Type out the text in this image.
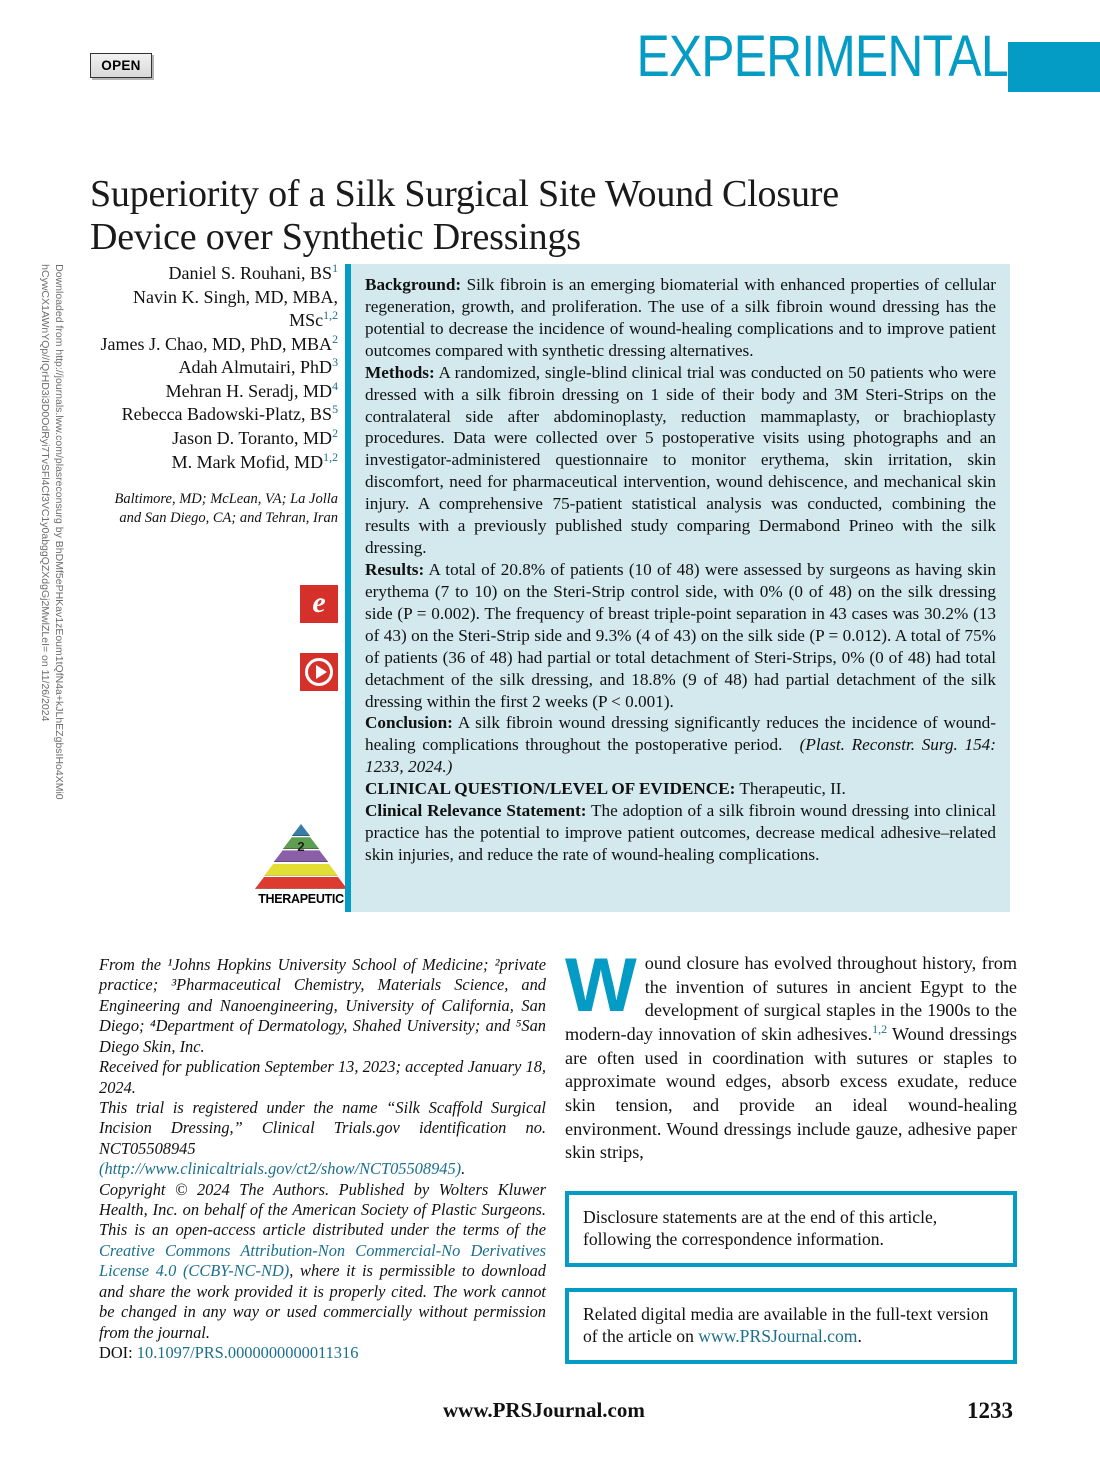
OPEN	EXPERIMENTAL
Downloaded from http://journals.lww.com/plasreconsurg by BhDMf5ePHKav1zEoum1tQfN4a+kJLhEZgbsIHo4XMi0hCywCX1AWnYQp//IQrHD3i3D0OdRyi7TvSFl4Cf3VC1y0abggQZXdgGj2MwlZLeI= on 11/26/2024
Superiority of a Silk Surgical Site Wound Closure
Device over Synthetic Dressings
Daniel S. Rouhani, $BS^1$
Navin K. Singh, MD, MBA,
MSc$^{1,2}$
James J. Chao, MD, PhD, MBA$^2$
Adah Almutairi, PhD$^3$
Mehran H. Seradj, $MD^4$
Rebecca Badowski-Platz, $BS^5$
Jason D. Toranto, $MD^2$
M. Mark Mofid, MD$^{1,2}$
Baltimore, MD; McLean, VA; La Jolla
and San Diego, CA; and Tehran, Iran
e
2
THERAPEUTIC

Background: Silk fibroin is an emerging biomaterial with enhanced properties of cellular regeneration, growth, and proliferation. The use of a silk fibroin wound dressing has the potential to decrease the incidence of wound-healing complications and to improve patient outcomes compared with synthetic dressing alternatives.

Methods: A randomized, single-blind clinical trial was conducted on 50 patients who were dressed with a silk fibroin dressing on 1 side of their body and 3M Steri-Strips on the contralateral side after abdominoplasty, reduction mammaplasty, or brachioplasty procedures. Data were collected over 5 postoperative visits using photographs and an investigator-administered questionnaire to monitor erythema, skin irritation, skin discomfort, need for pharmaceutical intervention, wound dehiscence, and mechanical skin injury. A comprehensive 75-patient statistical analysis was conducted, combining the results with a previously published study comparing Dermabond Prineo with the silk dressing.

Results: A total of 20.8% of patients (10 of 48) were assessed by surgeons as having skin erythema (7 to 10) on the Steri-Strip control side, with 0% (0 of 48) on the silk dressing side (P = 0.002). The frequency of breast triple-point separation in 43 cases was 30.2% (13 of 43) on the Steri-Strip side and 9.3% (4 of 43) on the silk side (P = 0.012). A total of 75% of patients (36 of 48) had partial or total detachment of Steri-Strips, 0% (0 of 48) had total detachment of the silk dressing, and 18.8% (9 of 48) had partial detachment of the silk dressing within the first 2 weeks (P < 0.001).

Conclusion: A silk fibroin wound dressing significantly reduces the incidence of wound-healing complications throughout the postoperative period. (Plast. Reconstr. Surg. 154: 1233, 2024.)

CLINICAL QUESTION/LEVEL OF EVIDENCE: Therapeutic, II.

Clinical Relevance Statement: The adoption of a silk fibroin wound dressing into clinical practice has the potential to improve patient outcomes, decrease medical adhesive–related skin injuries, and reduce the rate of wound-healing complications.

From the ¹Johns Hopkins University School of Medicine; ²private practice; ³Pharmaceutical Chemistry, Materials Science, and Engineering and Nanoengineering, University of California, San Diego; ⁴Department of Dermatology, Shahed University; and ⁵San Diego Skin, Inc.

Received for publication September 13, 2023; accepted January 18, 2024.

This trial is registered under the name “Silk Scaffold Surgical Incision Dressing,” Clinical Trials.gov identification no. NCT05508945 (http://www.clinicaltrials.gov/ct2/show/NCT05508945).

Copyright © 2024 The Authors. Published by Wolters Kluwer Health, Inc. on behalf of the American Society of Plastic Surgeons. This is an open-access article distributed under the terms of the Creative Commons Attribution-Non Commercial-No Derivatives License 4.0 (CCBY-NC-ND), where it is permissible to download and share the work provided it is properly cited. The work cannot be changed in any way or used commercially without permission from the journal.

DOI: 10.1097/PRS.0000000000011316

Wound closure has evolved throughout history, from the invention of sutures in ancient Egypt to the development of surgical staples in the 1900s to the modern-day innovation of skin adhesives.$^{1,2}$ Wound dressings are often used in coordination with sutures or staples to approximate wound edges, absorb excess exudate, reduce skin tension, and provide an ideal wound-healing environment. Wound dressings include gauze, adhesive paper skin strips,

Disclosure statements are at the end of this article, following the correspondence information.
Related digital media are available in the full-text version of the article on www.PRSJournal.com.
www.PRSJournal.com	1233
